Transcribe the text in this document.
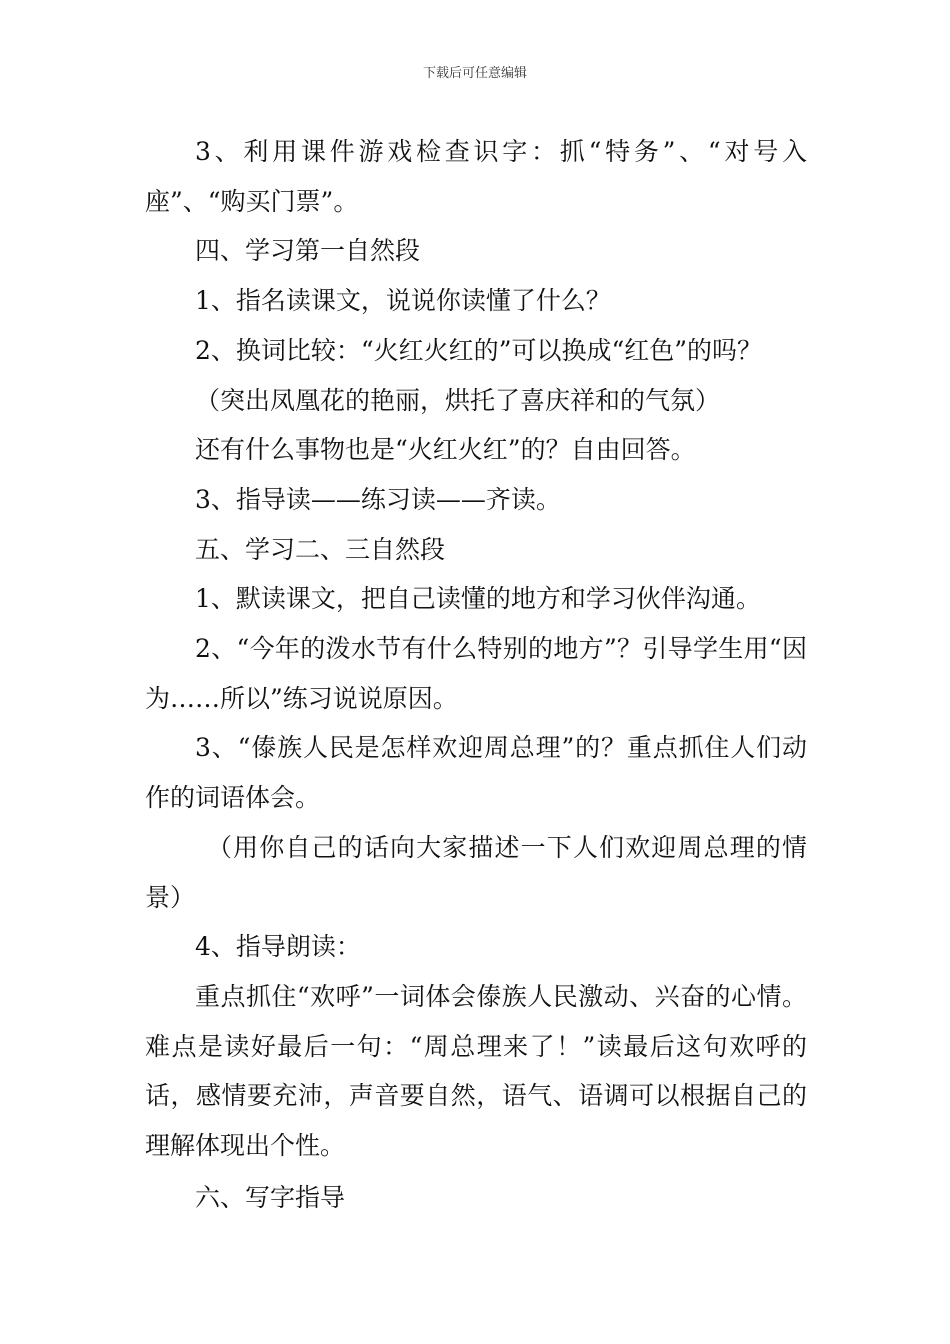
下载后可任意编辑

3、利用课件游戏检查识字：抓“特务”、“对号入座”、“购买门票”。

四、学习第一自然段

1、指名读课文，说说你读懂了什么？

2、换词比较：“火红火红的”可以换成“红色”的吗？

（突出凤凰花的艳丽，烘托了喜庆祥和的气氛）

还有什么事物也是“火红火红”的？自由回答。

3、指导读——练习读——齐读。

五、学习二、三自然段

1、默读课文，把自己读懂的地方和学习伙伴沟通。

2、“今年的泼水节有什么特别的地方”？引导学生用“因为……所以”练习说说原因。

3、“傣族人民是怎样欢迎周总理”的？重点抓住人们动作的词语体会。

（用你自己的话向大家描述一下人们欢迎周总理的情景）

4、指导朗读：

重点抓住“欢呼”一词体会傣族人民激动、兴奋的心情。难点是读好最后一句：“周总理来了！”读最后这句欢呼的话，感情要充沛，声音要自然，语气、语调可以根据自己的理解体现出个性。

六、写字指导
